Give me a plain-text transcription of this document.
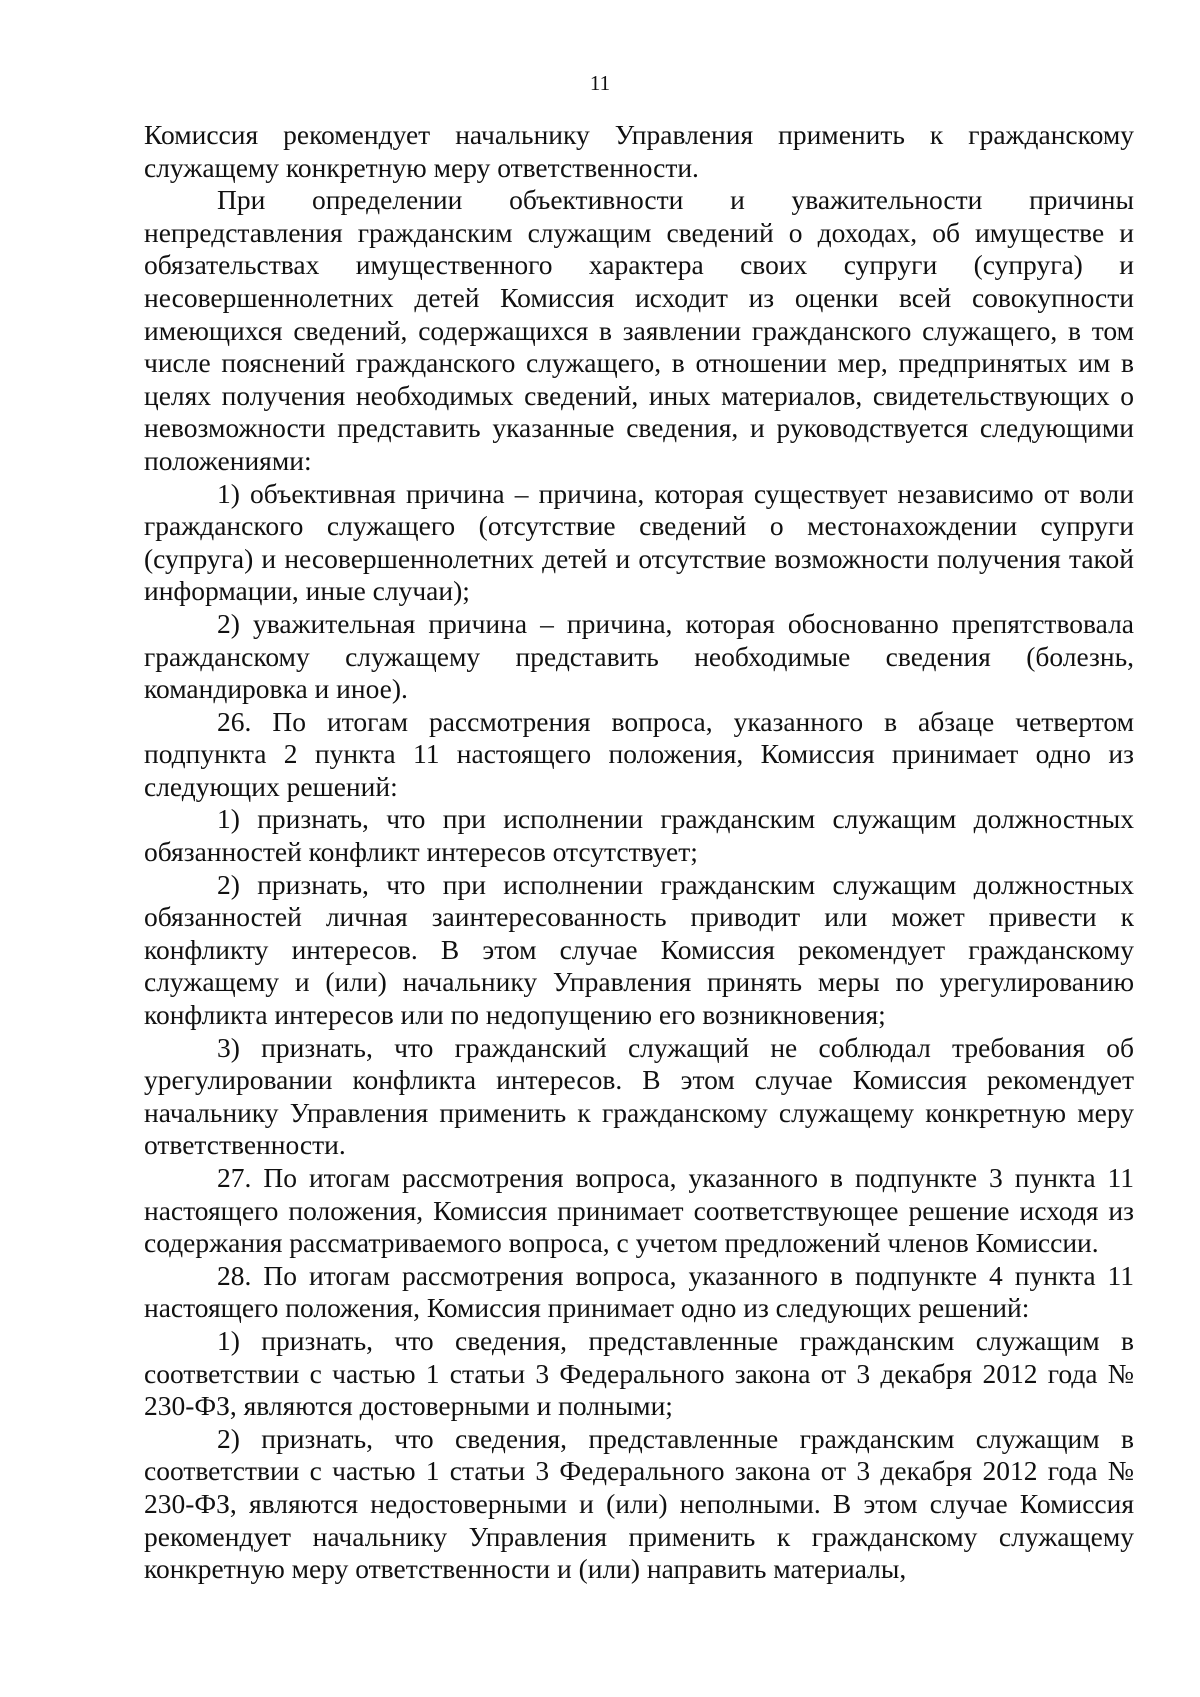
11

Комиссия рекомендует начальнику Управления применить к гражданскому служащему конкретную меру ответственности.

При определении объективности и уважительности причины непредставления гражданским служащим сведений о доходах, об имуществе и обязательствах имущественного характера своих супруги (супруга) и несовершеннолетних детей Комиссия исходит из оценки всей совокупности имеющихся сведений, содержащихся в заявлении гражданского служащего, в том числе пояснений гражданского служащего, в отношении мер, предпринятых им в целях получения необходимых сведений, иных материалов, свидетельствующих о невозможности представить указанные сведения, и руководствуется следующими положениями:

1) объективная причина – причина, которая существует независимо от воли гражданского служащего (отсутствие сведений о местонахождении супруги (супруга) и несовершеннолетних детей и отсутствие возможности получения такой информации, иные случаи);

2) уважительная причина – причина, которая обоснованно препятствовала гражданскому служащему представить необходимые сведения (болезнь, командировка и иное).

26. По итогам рассмотрения вопроса, указанного в абзаце четвертом подпункта 2 пункта 11 настоящего положения, Комиссия принимает одно из следующих решений:

1) признать, что при исполнении гражданским служащим должностных обязанностей конфликт интересов отсутствует;

2) признать, что при исполнении гражданским служащим должностных обязанностей личная заинтересованность приводит или может привести к конфликту интересов. В этом случае Комиссия рекомендует гражданскому служащему и (или) начальнику Управления принять меры по урегулированию конфликта интересов или по недопущению его возникновения;

3) признать, что гражданский служащий не соблюдал требования об урегулировании конфликта интересов. В этом случае Комиссия рекомендует начальнику Управления применить к гражданскому служащему конкретную меру ответственности.

27. По итогам рассмотрения вопроса, указанного в подпункте 3 пункта 11 настоящего положения, Комиссия принимает соответствующее решение исходя из содержания рассматриваемого вопроса, с учетом предложений членов Комиссии.

28. По итогам рассмотрения вопроса, указанного в подпункте 4 пункта 11 настоящего положения, Комиссия принимает одно из следующих решений:

1) признать, что сведения, представленные гражданским служащим в соответствии с частью 1 статьи 3 Федерального закона от 3 декабря 2012 года № 230-ФЗ, являются достоверными и полными;

2) признать, что сведения, представленные гражданским служащим в соответствии с частью 1 статьи 3 Федерального закона от 3 декабря 2012 года № 230-ФЗ, являются недостоверными и (или) неполными. В этом случае Комиссия рекомендует начальнику Управления применить к гражданскому служащему конкретную меру ответственности и (или) направить материалы,
